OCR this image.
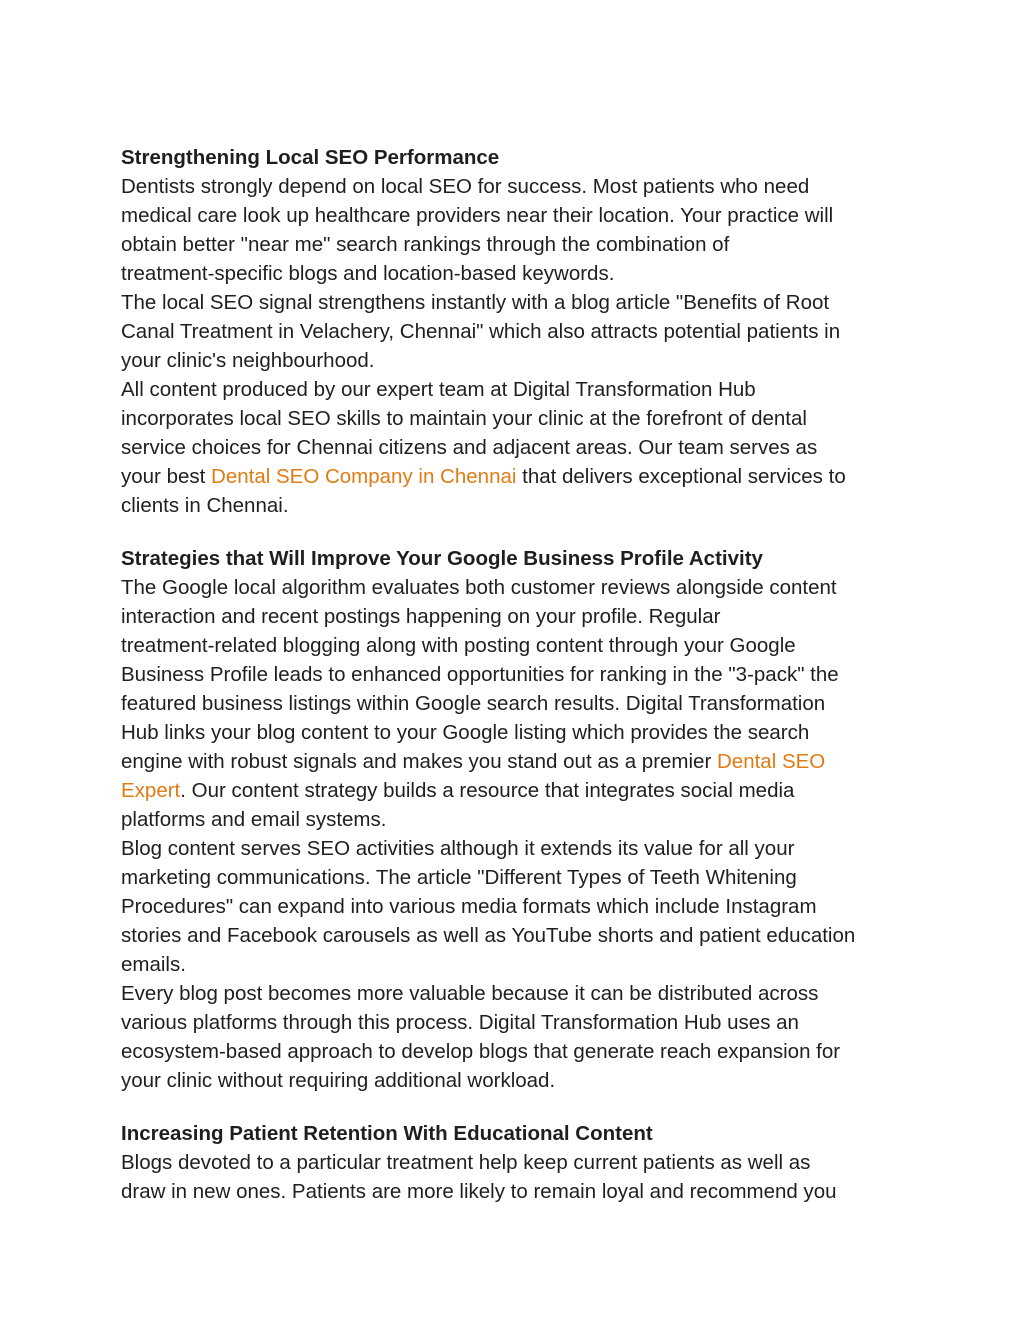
Strengthening Local SEO Performance

Dentists strongly depend on local SEO for success. Most patients who need
medical care look up healthcare providers near their location. Your practice will
obtain better "near me" search rankings through the combination of
treatment-specific blogs and location-based keywords.

The local SEO signal strengthens instantly with a blog article "Benefits of Root
Canal Treatment in Velachery, Chennai" which also attracts potential patients in
your clinic's neighbourhood.

All content produced by our expert team at Digital Transformation Hub
incorporates local SEO skills to maintain your clinic at the forefront of dental
service choices for Chennai citizens and adjacent areas. Our team serves as
your best Dental SEO Company in Chennai that delivers exceptional services to
clients in Chennai.

Strategies that Will Improve Your Google Business Profile Activity

The Google local algorithm evaluates both customer reviews alongside content
interaction and recent postings happening on your profile. Regular
treatment-related blogging along with posting content through your Google
Business Profile leads to enhanced opportunities for ranking in the "3-pack" the
featured business listings within Google search results. Digital Transformation
Hub links your blog content to your Google listing which provides the search
engine with robust signals and makes you stand out as a premier Dental SEO
Expert. Our content strategy builds a resource that integrates social media
platforms and email systems.

Blog content serves SEO activities although it extends its value for all your
marketing communications. The article "Different Types of Teeth Whitening
Procedures" can expand into various media formats which include Instagram
stories and Facebook carousels as well as YouTube shorts and patient education
emails.

Every blog post becomes more valuable because it can be distributed across
various platforms through this process. Digital Transformation Hub uses an
ecosystem-based approach to develop blogs that generate reach expansion for
your clinic without requiring additional workload.

Increasing Patient Retention With Educational Content

Blogs devoted to a particular treatment help keep current patients as well as
draw in new ones. Patients are more likely to remain loyal and recommend you
